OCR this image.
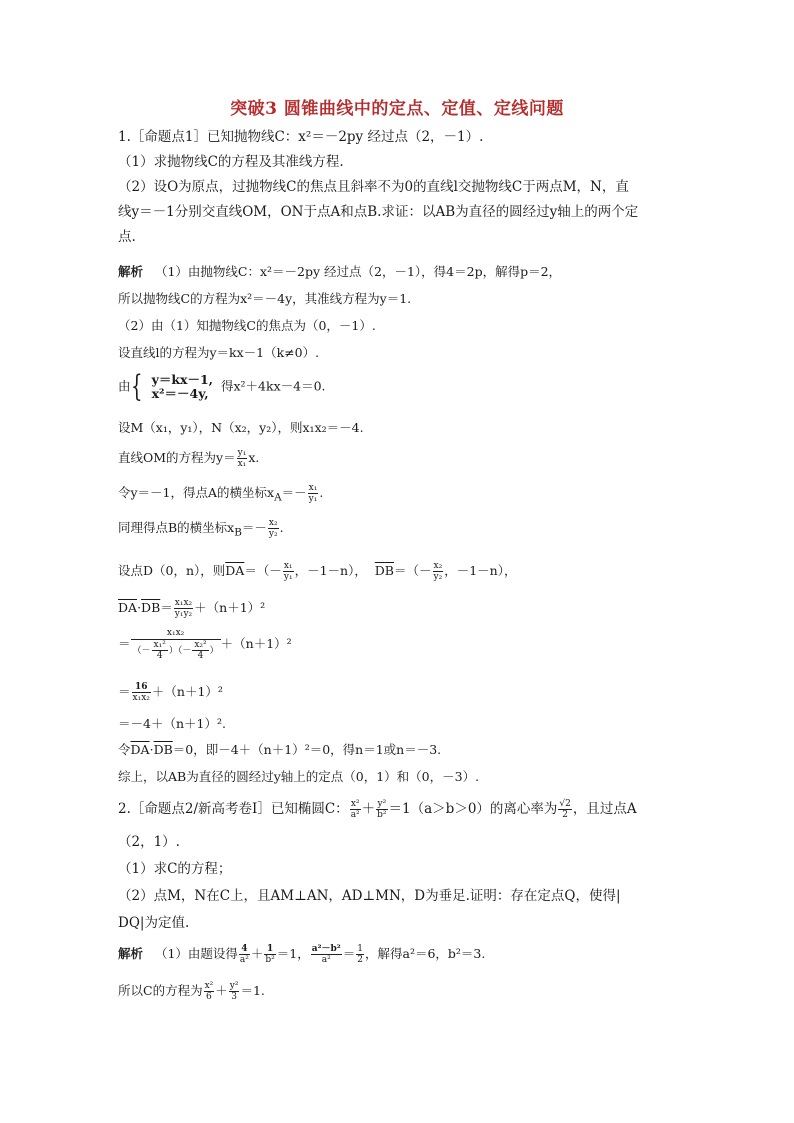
突破3 圆锥曲线中的定点、定值、定线问题
1.［命题点1］已知抛物线C：x²＝－2py 经过点（2，－1）.
（1）求抛物线C的方程及其准线方程.
（2）设O为原点，过抛物线C的焦点且斜率不为0的直线l交抛物线C于两点M，N，直
线y＝－1分别交直线OM，ON于点A和点B.求证：以AB为直径的圆经过y轴上的两个定
点.
解析 （1）由抛物线C：x²＝－2py 经过点（2，－1），得4＝2p，解得p＝2，
所以抛物线C的方程为x²＝－4y，其准线方程为y＝1.
（2）由（1）知抛物线C的焦点为（0，－1）.
设直线l的方程为y＝kx－1（k≠0）.
由{ y＝kx－1,
x²＝－4y, 得x²＋4kx－4＝0.
设M（x₁，y₁），N（x₂，y₂），则x₁x₂＝－4.
直线OM的方程为$y= \frac{\text{y₁}}{\text{x₁}} x$.
令y＝－1，得点A的横坐标$x_A=- \frac{\text{x₁}}{\text{y₁}}$ .
同理得点B的横坐标$x_B=- \frac{\text{x₂}}{\text{y₂}}$ .
设点D（0，n），则$\overline{DA}=(- \frac{\text{x₁}}{\text{y₁}}$ ，－1－n）， $\overline{DB}=(- \frac{\text{x₂}}{\text{y₂}}$ ，－1－n），
$\overline{DA}\cdot\overline{DB}= \frac{\text{x₁x₂}}{\text{y₁y₂}} +(n+1)^2$
＝ $\frac{\text{x₁x₂}}{(- \frac{\text{x₁²}}{4} )(- \frac{\text{x₂²}}{4} )} +(n+1)^2$
＝ $\frac{16}{\text{x₁x₂}} +(n+1)^2$
＝－4＋（n＋1）².
令$\overline{DA}\cdot\overline{DB}=0$，即－4＋（n＋1）²＝0，得n＝1或n＝－3.
综上，以AB为直径的圆经过y轴上的定点（0，1）和（0，－3）.
2.［命题点2/新高考卷Ⅰ］已知椭圆C： $\frac{\text{x²}}{\text{a²}} + \frac{\text{y²}}{\text{b²}} =1(a>b>0)$的离心率为 $\frac{√2}{2}$ ，且过点A
（2，1）.
（1）求C的方程；
（2）点M，N在C上，且AM⊥AN，AD⊥MN，D为垂足.证明：存在定点Q，使得|
DQ|为定值.
解析 （1）由题设得 $\frac{4}{\text{a²}} + \frac{1}{\text{b²}} =1$， $\frac{\text{a²－b²}}{\text{a²}} = \frac{1}{2}$ ，解得a²＝6，b²＝3.
所以C的方程为 $\frac{\text{x²}}{6} + \frac{\text{y²}}{3} =1$.
